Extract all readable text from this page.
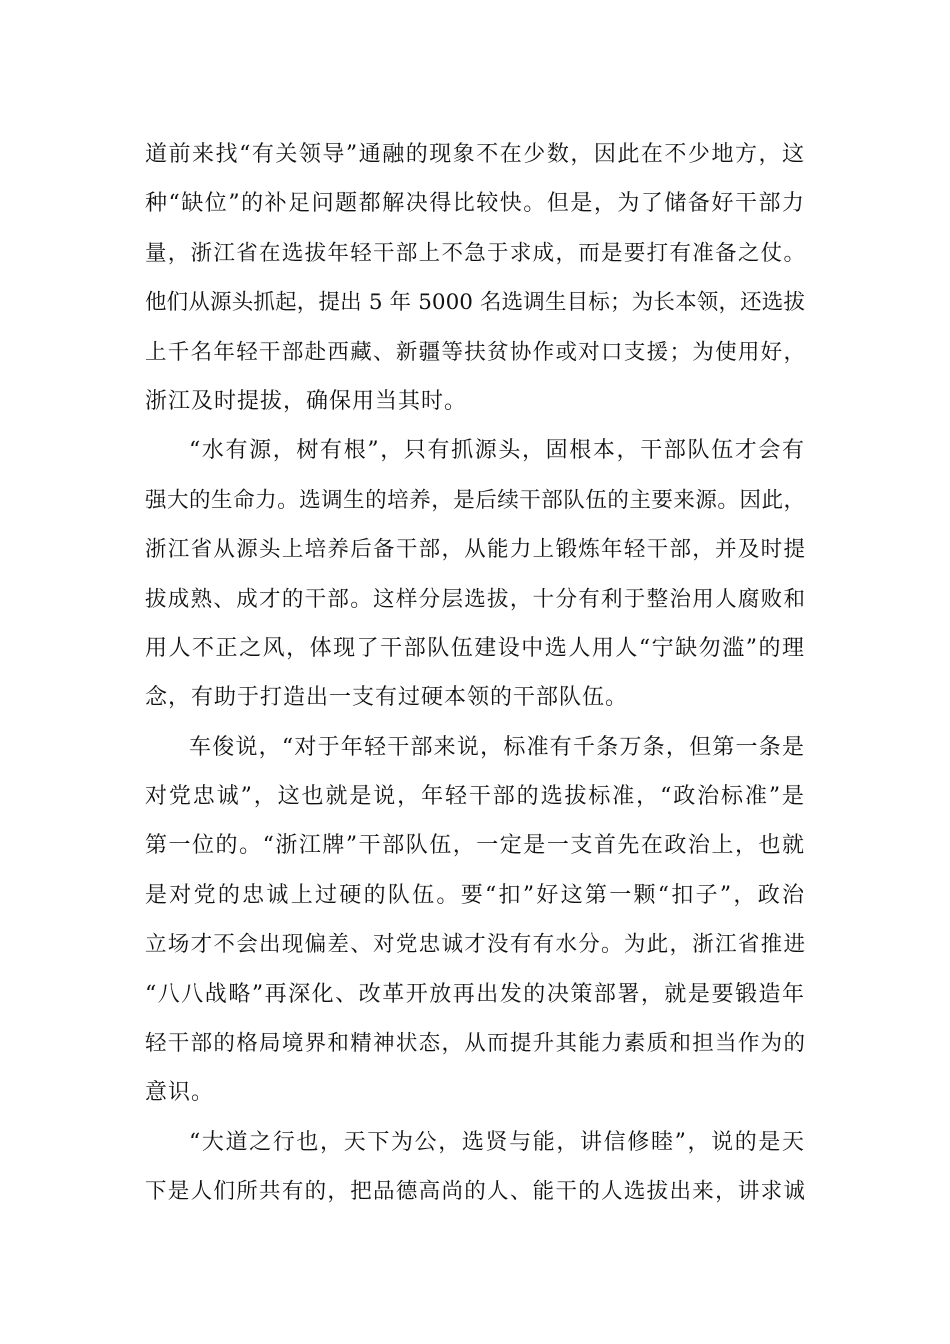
道前来找“有关领导”通融的现象不在少数，因此在不少地方，这
种“缺位”的补足问题都解决得比较快。但是，为了储备好干部力
量，浙江省在选拔年轻干部上不急于求成，而是要打有准备之仗。
他们从源头抓起，提出 5 年 5000 名选调生目标；为长本领，还选拔
上千名年轻干部赴西藏、新疆等扶贫协作或对口支援；为使用好，
浙江及时提拔，确保用当其时。
“水有源，树有根”，只有抓源头，固根本，干部队伍才会有
强大的生命力。选调生的培养，是后续干部队伍的主要来源。因此，
浙江省从源头上培养后备干部，从能力上锻炼年轻干部，并及时提
拔成熟、成才的干部。这样分层选拔，十分有利于整治用人腐败和
用人不正之风，体现了干部队伍建设中选人用人“宁缺勿滥”的理
念，有助于打造出一支有过硬本领的干部队伍。
车俊说，“对于年轻干部来说，标准有千条万条，但第一条是
对党忠诚”，这也就是说，年轻干部的选拔标准，“政治标准”是
第一位的。“浙江牌”干部队伍，一定是一支首先在政治上，也就
是对党的忠诚上过硬的队伍。要“扣”好这第一颗“扣子”，政治
立场才不会出现偏差、对党忠诚才没有有水分。为此，浙江省推进
“八八战略”再深化、改革开放再出发的决策部署，就是要锻造年
轻干部的格局境界和精神状态，从而提升其能力素质和担当作为的
意识。
“大道之行也，天下为公，选贤与能，讲信修睦”，说的是天
下是人们所共有的，把品德高尚的人、能干的人选拔出来，讲求诚
